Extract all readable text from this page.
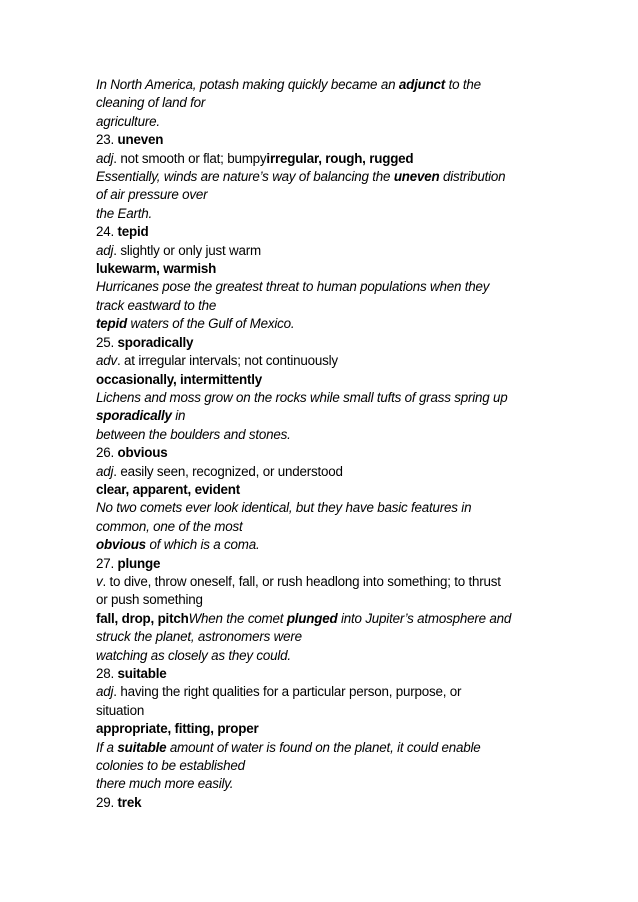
In North America, potash making quickly became an adjunct to the
cleaning of land for
agriculture.
23. uneven
adj. not smooth or flat; bumpyirregular, rough, rugged
Essentially, winds are nature’s way of balancing the uneven distribution
of air pressure over
the Earth.
24. tepid
adj. slightly or only just warm
lukewarm, warmish
Hurricanes pose the greatest threat to human populations when they
track eastward to the
tepid waters of the Gulf of Mexico.
25. sporadically
adv. at irregular intervals; not continuously
occasionally, intermittently
Lichens and moss grow on the rocks while small tufts of grass spring up
sporadically in
between the boulders and stones.
26. obvious
adj. easily seen, recognized, or understood
clear, apparent, evident
No two comets ever look identical, but they have basic features in
common, one of the most
obvious of which is a coma.
27. plunge
v. to dive, throw oneself, fall, or rush headlong into something; to thrust
or push something
fall, drop, pitchWhen the comet plunged into Jupiter’s atmosphere and
struck the planet, astronomers were
watching as closely as they could.
28. suitable
adj. having the right qualities for a particular person, purpose, or
situation
appropriate, fitting, proper
If a suitable amount of water is found on the planet, it could enable
colonies to be established
there much more easily.
29. trek
